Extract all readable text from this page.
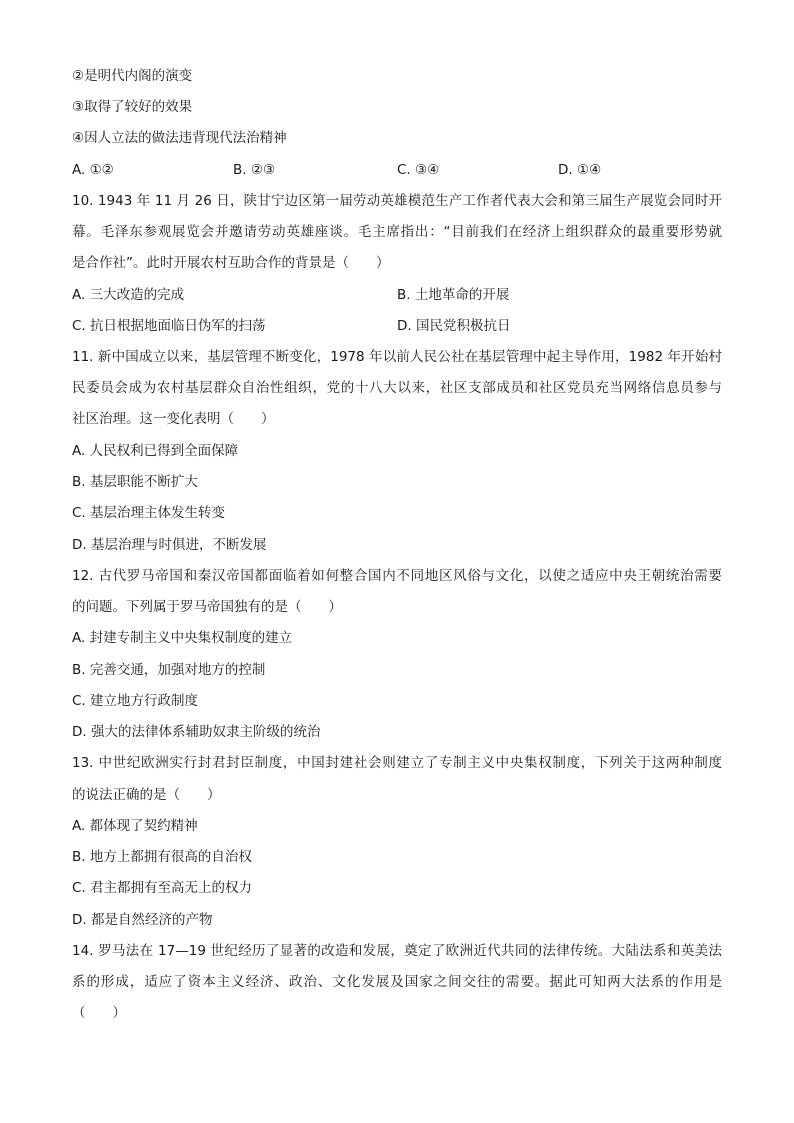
②是明代内阁的演变
③取得了较好的效果
④因人立法的做法违背现代法治精神
A. ①②	B. ②③	C. ③④	D. ①④
10. 1943 年 11 月 26 日，陕甘宁边区第一届劳动英雄模范生产工作者代表大会和第三届生产展览会同时开
幕。毛泽东参观展览会并邀请劳动英雄座谈。毛主席指出：“目前我们在经济上组织群众的最重要形势就
是合作社”。此时开展农村互助合作的背景是（　　）
A. 三大改造的完成	B. 土地革命的开展
C. 抗日根据地面临日伪军的扫荡	D. 国民党积极抗日
11. 新中国成立以来，基层管理不断变化，1978 年以前人民公社在基层管理中起主导作用，1982 年开始村
民委员会成为农村基层群众自治性组织，党的十八大以来，社区支部成员和社区党员充当网络信息员参与
社区治理。这一变化表明（　　）
A. 人民权利已得到全面保障
B. 基层职能不断扩大
C. 基层治理主体发生转变
D. 基层治理与时俱进，不断发展
12. 古代罗马帝国和秦汉帝国都面临着如何整合国内不同地区风俗与文化，以使之适应中央王朝统治需要
的问题。下列属于罗马帝国独有的是（　　）
A. 封建专制主义中央集权制度的建立
B. 完善交通，加强对地方的控制
C. 建立地方行政制度
D. 强大的法律体系辅助奴隶主阶级的统治
13. 中世纪欧洲实行封君封臣制度，中国封建社会则建立了专制主义中央集权制度，下列关于这两种制度
的说法正确的是（　　）
A. 都体现了契约精神
B. 地方上都拥有很高的自治权
C. 君主都拥有至高无上的权力
D. 都是自然经济的产物
14. 罗马法在 17—19 世纪经历了显著的改造和发展，奠定了欧洲近代共同的法律传统。大陆法系和英美法
系的形成，适应了资本主义经济、政治、文化发展及国家之间交往的需要。据此可知两大法系的作用是
（　　）
